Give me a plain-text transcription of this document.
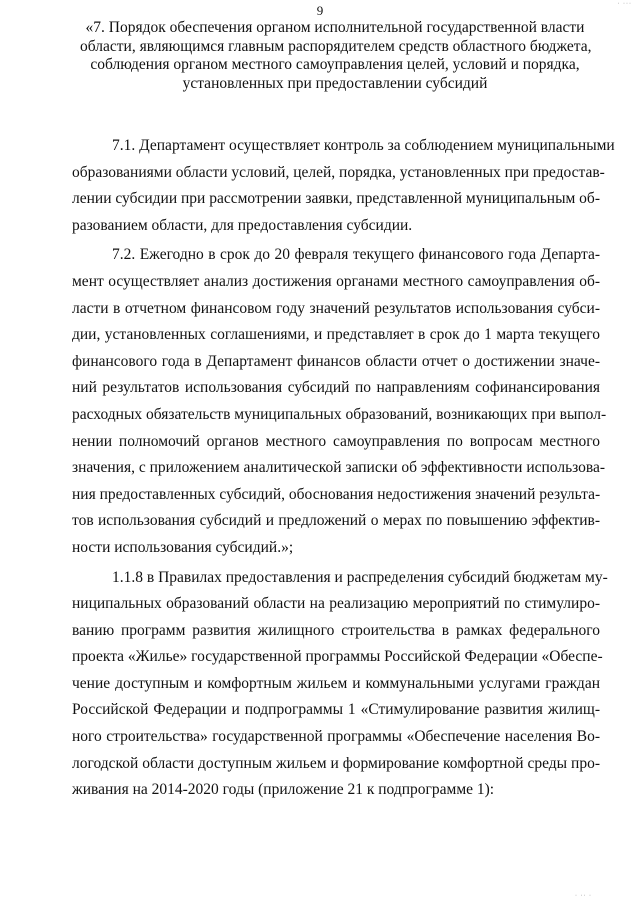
· ···
9
«7. Порядок обеспечения органом исполнительной государственной власти
области, являющимся главным распорядителем средств областного бюджета,
соблюдения органом местного самоуправления целей, условий и порядка,
установленных при предоставлении субсидий
7.1. Департамент осуществляет контроль за соблюдением муниципальными
образованиями области условий, целей, порядка, установленных при предостав-
лении субсидии при рассмотрении заявки, представленной муниципальным об-
разованием области, для предоставления субсидии.
7.2. Ежегодно в срок до 20 февраля текущего финансового года Департа-
мент осуществляет анализ достижения органами местного самоуправления об-
ласти в отчетном финансовом году значений результатов использования субси-
дии, установленных соглашениями, и представляет в срок до 1 марта текущего
финансового года в Департамент финансов области отчет о достижении значе-
ний результатов использования субсидий по направлениям софинансирования
расходных обязательств муниципальных образований, возникающих при выпол-
нении полномочий органов местного самоуправления по вопросам местного
значения, с приложением аналитической записки об эффективности использова-
ния предоставленных субсидий, обоснования недостижения значений результа-
тов использования субсидий и предложений о мерах по повышению эффектив-
ности использования субсидий.»;
1.1.8 в Правилах предоставления и распределения субсидий бюджетам му-
ниципальных образований области на реализацию мероприятий по стимулиро-
ванию программ развития жилищного строительства в рамках федерального
проекта «Жилье» государственной программы Российской Федерации «Обеспе-
чение доступным и комфортным жильем и коммунальными услугами граждан
Российской Федерации и подпрограммы 1 «Стимулирование развития жилищ-
ного строительства» государственной программы «Обеспечение населения Во-
логодской области доступным жильем и формирование комфортной среды про-
живания на 2014-2020 годы (приложение 21 к подпрограмме 1):
· ·· ·
